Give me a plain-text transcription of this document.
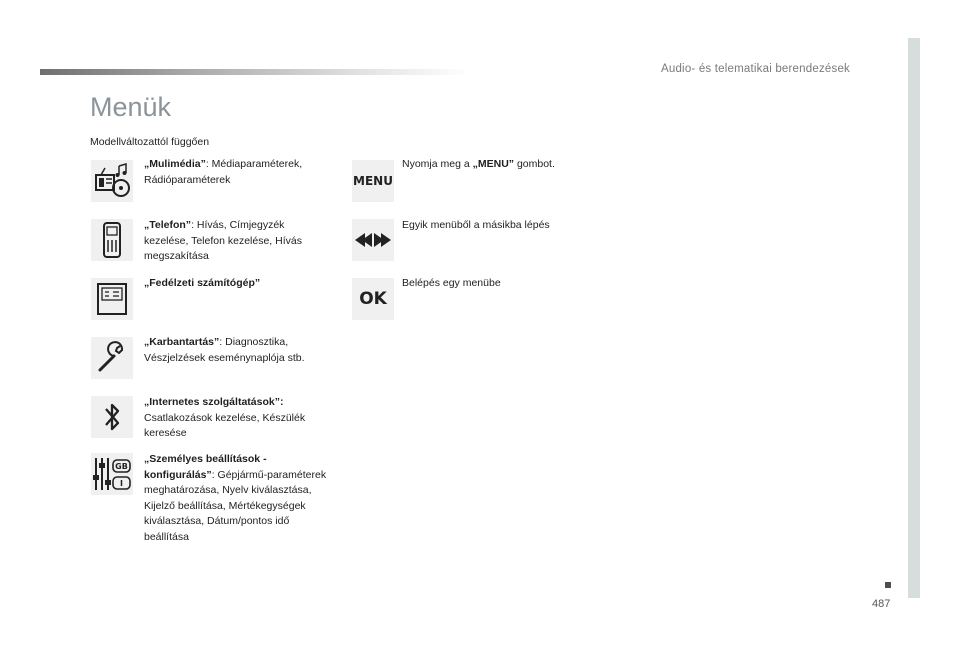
Audio- és telematikai berendezések
487
Menük
Modellváltozattól függően
„Mulimédia”: Médiaparaméterek, Rádióparaméterek
„Telefon”: Hívás, Címjegyzék kezelése, Telefon kezelése, Hívás megszakítása
„Fedélzeti számítógép”
„Karbantartás”: Diagnosztika, Vészjelzések eseménynaplója stb.
„Internetes szolgáltatások”: Csatlakozások kezelése, Készülék keresése
GB
I
„Személyes beállítások - konfigurálás”: Gépjármű-paraméterek meghatározása, Nyelv kiválasztása, Kijelző beállítása, Mértékegységek kiválasztása, Dátum/pontos idő beállítása
MENU
Nyomja meg a „MENU” gombot.
Egyik menüből a másikba lépés
OK
Belépés egy menübe
